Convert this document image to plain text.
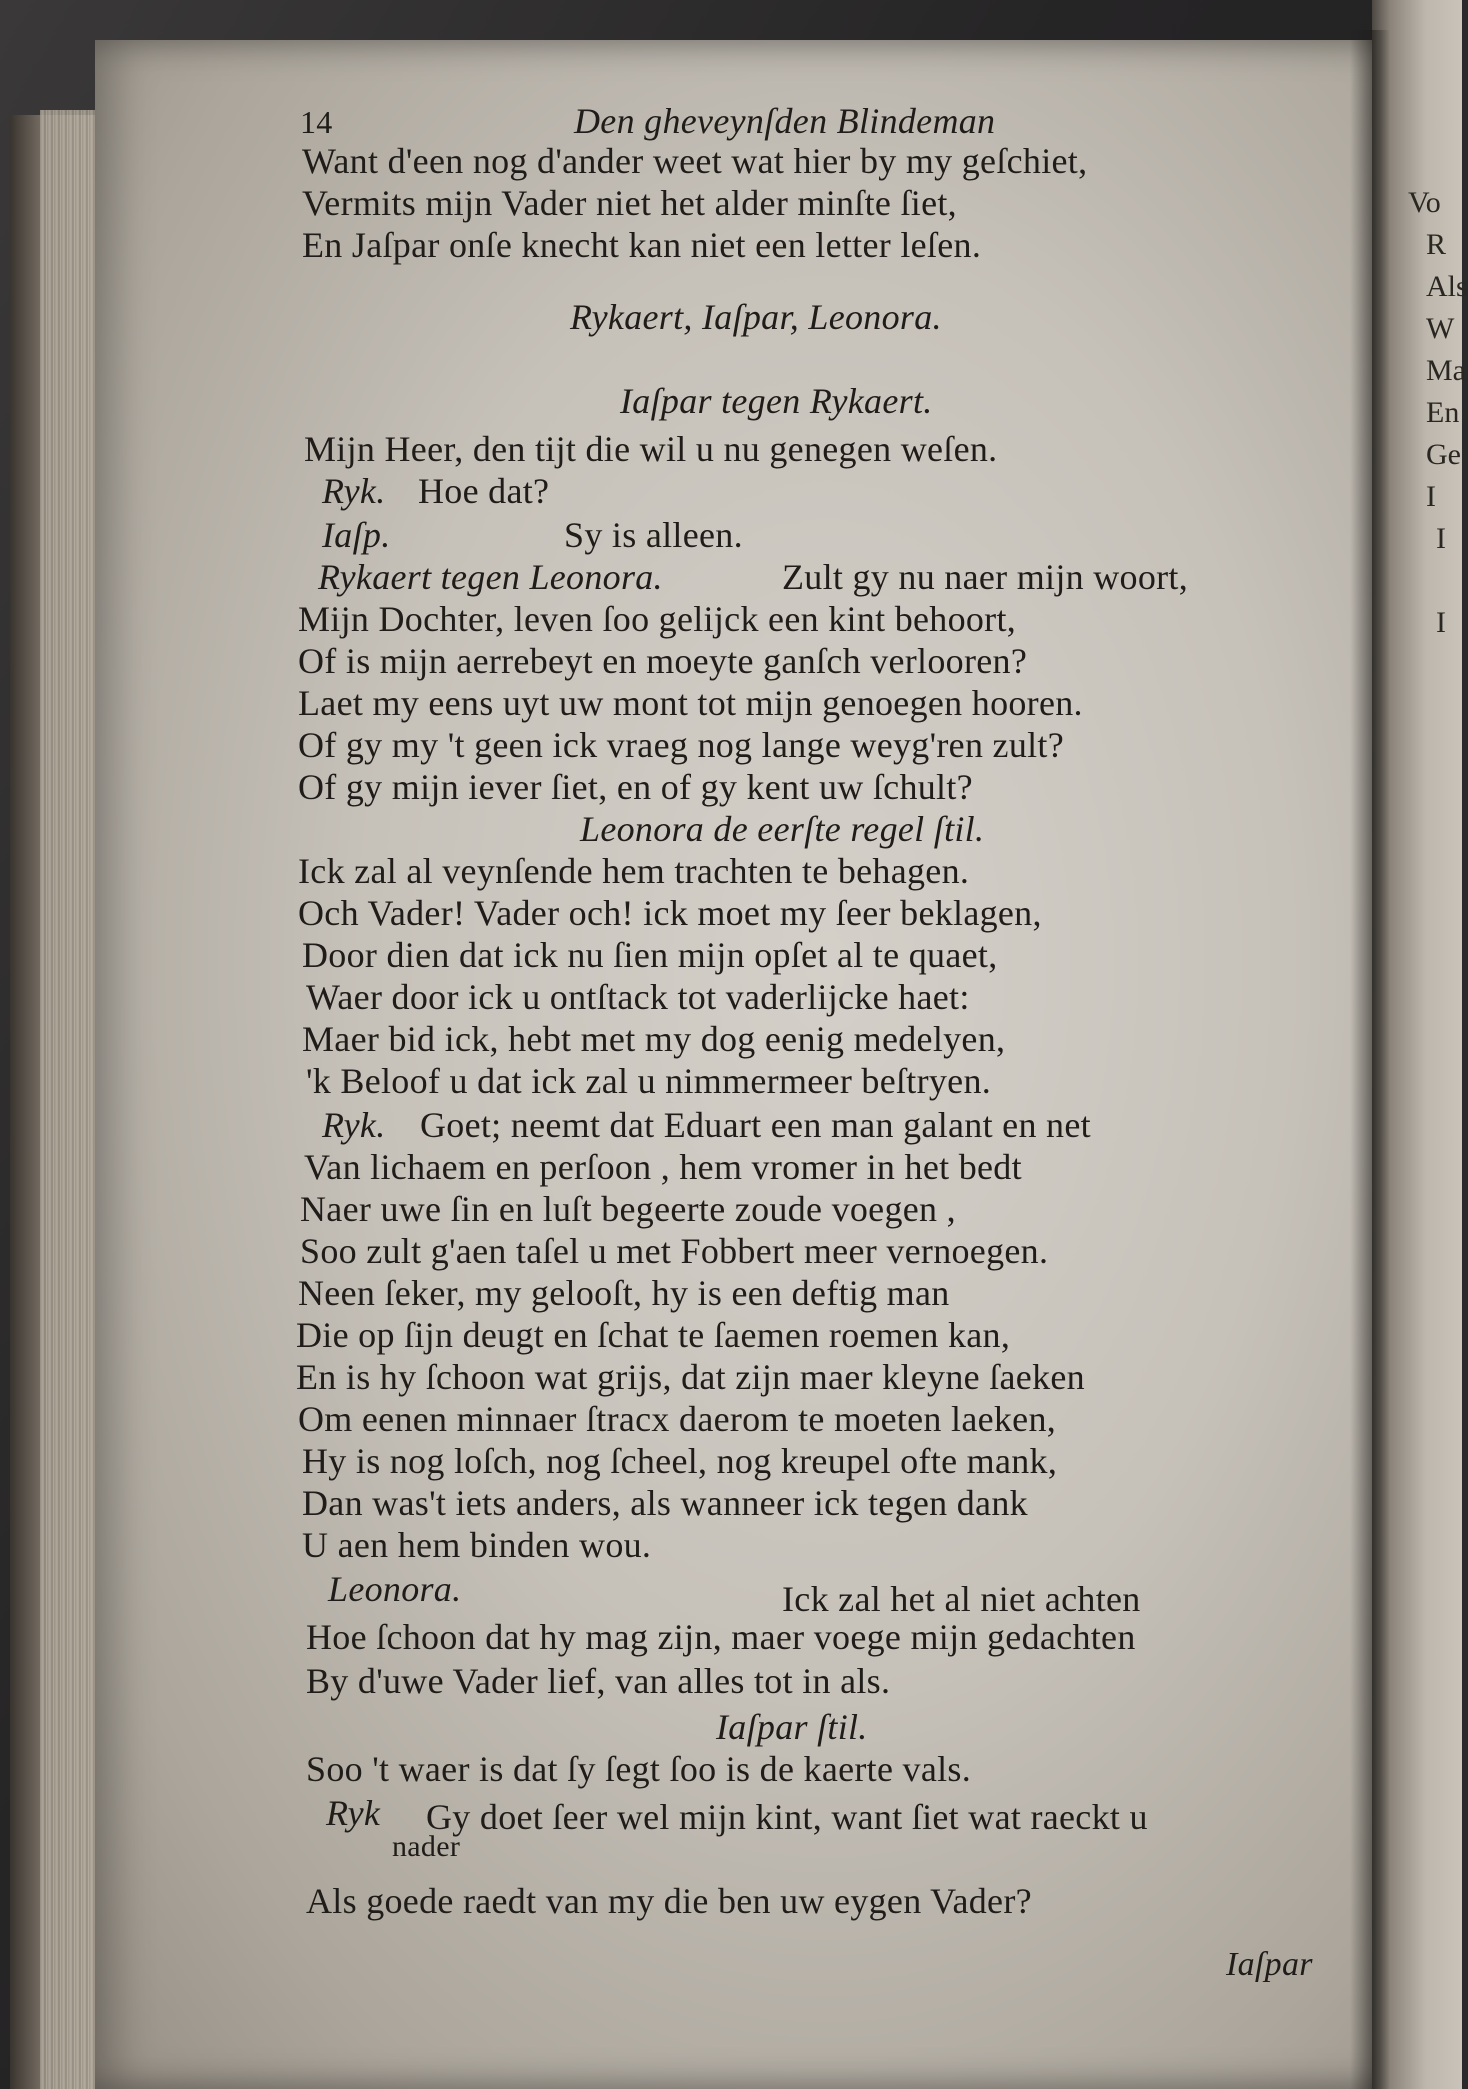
Vo
R
Als
W
Ma
En
Ge
I
I

I
14	Den gheveynſden Blindeman
Want d'een nog d'ander weet wat hier by my geſchiet,
Vermits mijn Vader niet het alder minſte ſiet,
En Jaſpar onſe knecht kan niet een letter leſen.
Rykaert, Iaſpar, Leonora.
Iaſpar tegen Rykaert.
Mijn Heer, den tijt die wil u nu genegen weſen.
Ryk. Hoe dat?
Iaſp.	Sy is alleen.
Rykaert tegen Leonora.	Zult gy nu naer mijn woort,
Mijn Dochter, leven ſoo gelijck een kint behoort,
Of is mijn aerrebeyt en moeyte ganſch verlooren?
Laet my eens uyt uw mont tot mijn genoegen hooren.
Of gy my 't geen ick vraeg nog lange weyg'ren zult?
Of gy mijn iever ſiet, en of gy kent uw ſchult?
Leonora de eerſte regel ſtil.
Ick zal al veynſende hem trachten te behagen.
Och Vader! Vader och! ick moet my ſeer beklagen,
Door dien dat ick nu ſien mijn opſet al te quaet,
Waer door ick u ontſtack tot vaderlijcke haet:
Maer bid ick, hebt met my dog eenig medelyen,
'k Beloof u dat ick zal u nimmermeer beſtryen.
Ryk. Goet; neemt dat Eduart een man galant en net
Van lichaem en perſoon , hem vromer in het bedt
Naer uwe ſin en luſt begeerte zoude voegen ,
Soo zult g'aen taſel u met Fobbert meer vernoegen.
Neen ſeker, my gelooſt, hy is een deftig man
Die op ſijn deugt en ſchat te ſaemen roemen kan,
En is hy ſchoon wat grijs, dat zijn maer kleyne ſaeken
Om eenen minnaer ſtracx daerom te moeten laeken,
Hy is nog loſch, nog ſcheel, nog kreupel ofte mank,
Dan was't iets anders, als wanneer ick tegen dank
U aen hem binden wou.
Leonora.	Ick zal het al niet achten
Hoe ſchoon dat hy mag zijn, maer voege mijn gedachten
By d'uwe Vader lief, van alles tot in als.
Iaſpar ſtil.
Soo 't waer is dat ſy ſegt ſoo is de kaerte vals.
Ryk Gy doet ſeer wel mijn kint, want ſiet wat raeckt u
nader
Als goede raedt van my die ben uw eygen Vader?
Iaſpar
